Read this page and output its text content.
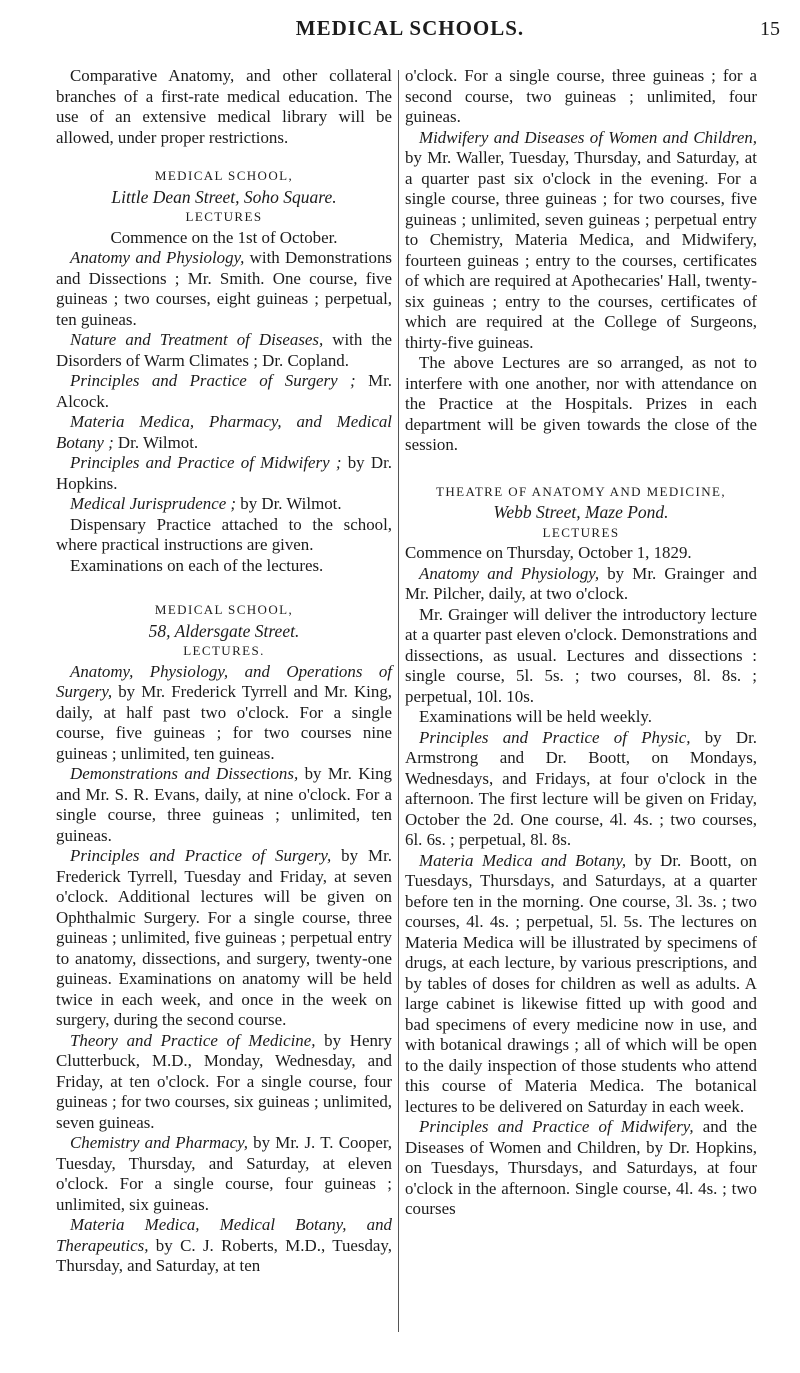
MEDICAL SCHOOLS.	15

Comparative Anatomy, and other collateral branches of a first-rate medical education. The use of an extensive medical library will be allowed, under proper restrictions.

MEDICAL SCHOOL,
Little Dean Street, Soho Square.
LECTURES
Commence on the 1st of October.

Anatomy and Physiology, with Demonstrations and Dissections ; Mr. Smith. One course, five guineas ; two courses, eight guineas ; perpetual, ten guineas.

Nature and Treatment of Diseases, with the Disorders of Warm Climates ; Dr. Copland.

Principles and Practice of Surgery ; Mr. Alcock.

Materia Medica, Pharmacy, and Medical Botany ; Dr. Wilmot.

Principles and Practice of Midwifery ; by Dr. Hopkins.

Medical Jurisprudence ; by Dr. Wilmot.

Dispensary Practice attached to the school, where practical instructions are given.

Examinations on each of the lectures.

MEDICAL SCHOOL,
58, Aldersgate Street.
LECTURES.

Anatomy, Physiology, and Operations of Surgery, by Mr. Frederick Tyrrell and Mr. King, daily, at half past two o'clock. For a single course, five guineas ; for two courses nine guineas ; unlimited, ten guineas.

Demonstrations and Dissections, by Mr. King and Mr. S. R. Evans, daily, at nine o'clock. For a single course, three guineas ; unlimited, ten guineas.

Principles and Practice of Surgery, by Mr. Frederick Tyrrell, Tuesday and Friday, at seven o'clock. Additional lectures will be given on Ophthalmic Surgery. For a single course, three guineas ; unlimited, five guineas ; perpetual entry to anatomy, dissections, and surgery, twenty-one guineas. Examinations on anatomy will be held twice in each week, and once in the week on surgery, during the second course.

Theory and Practice of Medicine, by Henry Clutterbuck, M.D., Monday, Wednesday, and Friday, at ten o'clock. For a single course, four guineas ; for two courses, six guineas ; unlimited, seven guineas.

Chemistry and Pharmacy, by Mr. J. T. Cooper, Tuesday, Thursday, and Saturday, at eleven o'clock. For a single course, four guineas ; unlimited, six guineas.

Materia Medica, Medical Botany, and Therapeutics, by C. J. Roberts, M.D., Tuesday, Thursday, and Saturday, at ten

o'clock. For a single course, three guineas ; for a second course, two guineas ; unlimited, four guineas.

Midwifery and Diseases of Women and Children, by Mr. Waller, Tuesday, Thursday, and Saturday, at a quarter past six o'clock in the evening. For a single course, three guineas ; for two courses, five guineas ; unlimited, seven guineas ; perpetual entry to Chemistry, Materia Medica, and Midwifery, fourteen guineas ; entry to the courses, certificates of which are required at Apothecaries' Hall, twenty-six guineas ; entry to the courses, certificates of which are required at the College of Surgeons, thirty-five guineas.

The above Lectures are so arranged, as not to interfere with one another, nor with attendance on the Practice at the Hospitals. Prizes in each department will be given towards the close of the session.

THEATRE OF ANATOMY AND MEDICINE,
Webb Street, Maze Pond.
LECTURES

Commence on Thursday, October 1, 1829.

Anatomy and Physiology, by Mr. Grainger and Mr. Pilcher, daily, at two o'clock.

Mr. Grainger will deliver the introductory lecture at a quarter past eleven o'clock. Demonstrations and dissections, as usual. Lectures and dissections : single course, 5l. 5s. ; two courses, 8l. 8s. ; perpetual, 10l. 10s.

Examinations will be held weekly.

Principles and Practice of Physic, by Dr. Armstrong and Dr. Boott, on Mondays, Wednesdays, and Fridays, at four o'clock in the afternoon. The first lecture will be given on Friday, October the 2d. One course, 4l. 4s. ; two courses, 6l. 6s. ; perpetual, 8l. 8s.

Materia Medica and Botany, by Dr. Boott, on Tuesdays, Thursdays, and Saturdays, at a quarter before ten in the morning. One course, 3l. 3s. ; two courses, 4l. 4s. ; perpetual, 5l. 5s. The lectures on Materia Medica will be illustrated by specimens of drugs, at each lecture, by various prescriptions, and by tables of doses for children as well as adults. A large cabinet is likewise fitted up with good and bad specimens of every medicine now in use, and with botanical drawings ; all of which will be open to the daily inspection of those students who attend this course of Materia Medica. The botanical lectures to be delivered on Saturday in each week.

Principles and Practice of Midwifery, and the Diseases of Women and Children, by Dr. Hopkins, on Tuesdays, Thursdays, and Saturdays, at four o'clock in the afternoon. Single course, 4l. 4s. ; two courses
